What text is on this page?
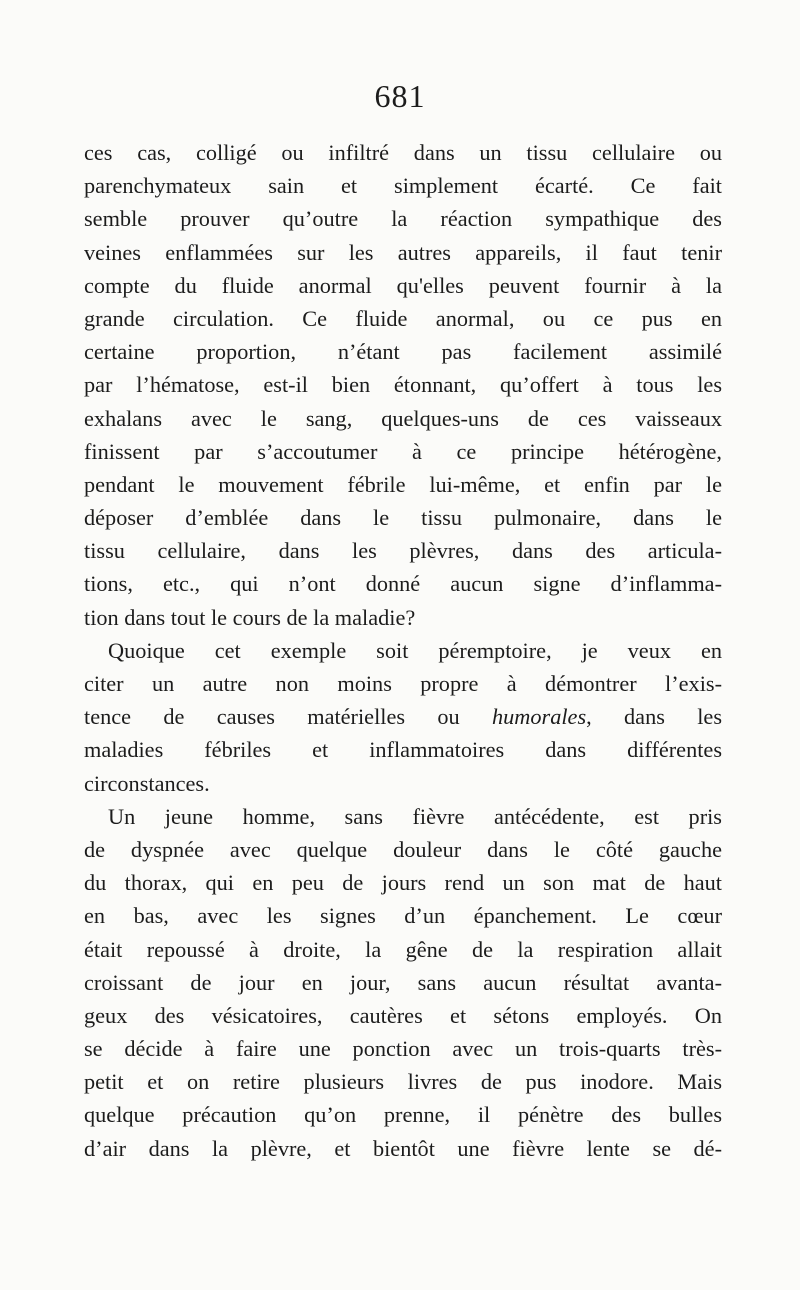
681
ces cas, colligé ou infiltré dans un tissu cellulaire ou
parenchymateux sain et simplement écarté. Ce fait
semble prouver qu’outre la réaction sympathique des
veines enflammées sur les autres appareils, il faut tenir
compte du fluide anormal qu'elles peuvent fournir à la
grande circulation. Ce fluide anormal, ou ce pus en
certaine proportion, n’étant pas facilement assimilé
par l’hématose, est-il bien étonnant, qu’offert à tous les
exhalans avec le sang, quelques-uns de ces vaisseaux
finissent par s’accoutumer à ce principe hétérogène,
pendant le mouvement fébrile lui-même, et enfin par le
déposer d’emblée dans le tissu pulmonaire, dans le
tissu cellulaire, dans les plèvres, dans des articula-
tions, etc., qui n’ont donné aucun signe d’inflamma-
tion dans tout le cours de la maladie?
Quoique cet exemple soit péremptoire, je veux en
citer un autre non moins propre à démontrer l’exis-
tence de causes matérielles ou humorales, dans les
maladies fébriles et inflammatoires dans différentes
circonstances.
Un jeune homme, sans fièvre antécédente, est pris
de dyspnée avec quelque douleur dans le côté gauche
du thorax, qui en peu de jours rend un son mat de haut
en bas, avec les signes d’un épanchement. Le cœur
était repoussé à droite, la gêne de la respiration allait
croissant de jour en jour, sans aucun résultat avanta-
geux des vésicatoires, cautères et sétons employés. On
se décide à faire une ponction avec un trois-quarts très-
petit et on retire plusieurs livres de pus inodore. Mais
quelque précaution qu’on prenne, il pénètre des bulles
d’air dans la plèvre, et bientôt une fièvre lente se dé-
